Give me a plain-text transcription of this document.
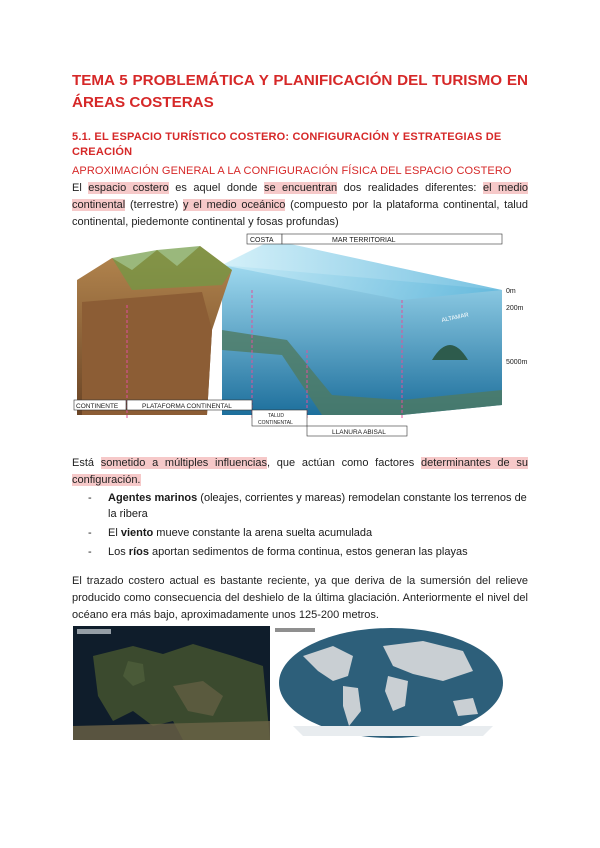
TEMA 5 PROBLEMÁTICA Y PLANIFICACIÓN DEL TURISMO EN ÁREAS COSTERAS
5.1. EL ESPACIO TURÍSTICO COSTERO: CONFIGURACIÓN Y ESTRATEGIAS DE CREACIÓN
APROXIMACIÓN GENERAL A LA CONFIGURACIÓN FÍSICA DEL ESPACIO COSTERO
El espacio costero es aquel donde se encuentran dos realidades diferentes: el medio continental (terrestre) y el medio oceánico (compuesto por la plataforma continental, talud continental, piedemonte continental y fosas profundas)
COSTA	MAR TERRITORIAL
ALTAMAR
0m
200m
5000m
CONTINENTE	PLATAFORMA CONTINENTAL
TALUD
CONTINENTAL
LLANURA ABISAL
Está sometido a múltiples influencias, que actúan como factores determinantes de su configuración.
- Agentes marinos (oleajes, corrientes y mareas) remodelan constante los terrenos de la ribera
- El viento mueve constante la arena suelta acumulada
- Los ríos aportan sedimentos de forma continua, estos generan las playas
El trazado costero actual es bastante reciente, ya que deriva de la sumersión del relieve producido como consecuencia del deshielo de la última glaciación. Anteriormente el nivel del océano era más bajo, aproximadamente unos 125-200 metros.
